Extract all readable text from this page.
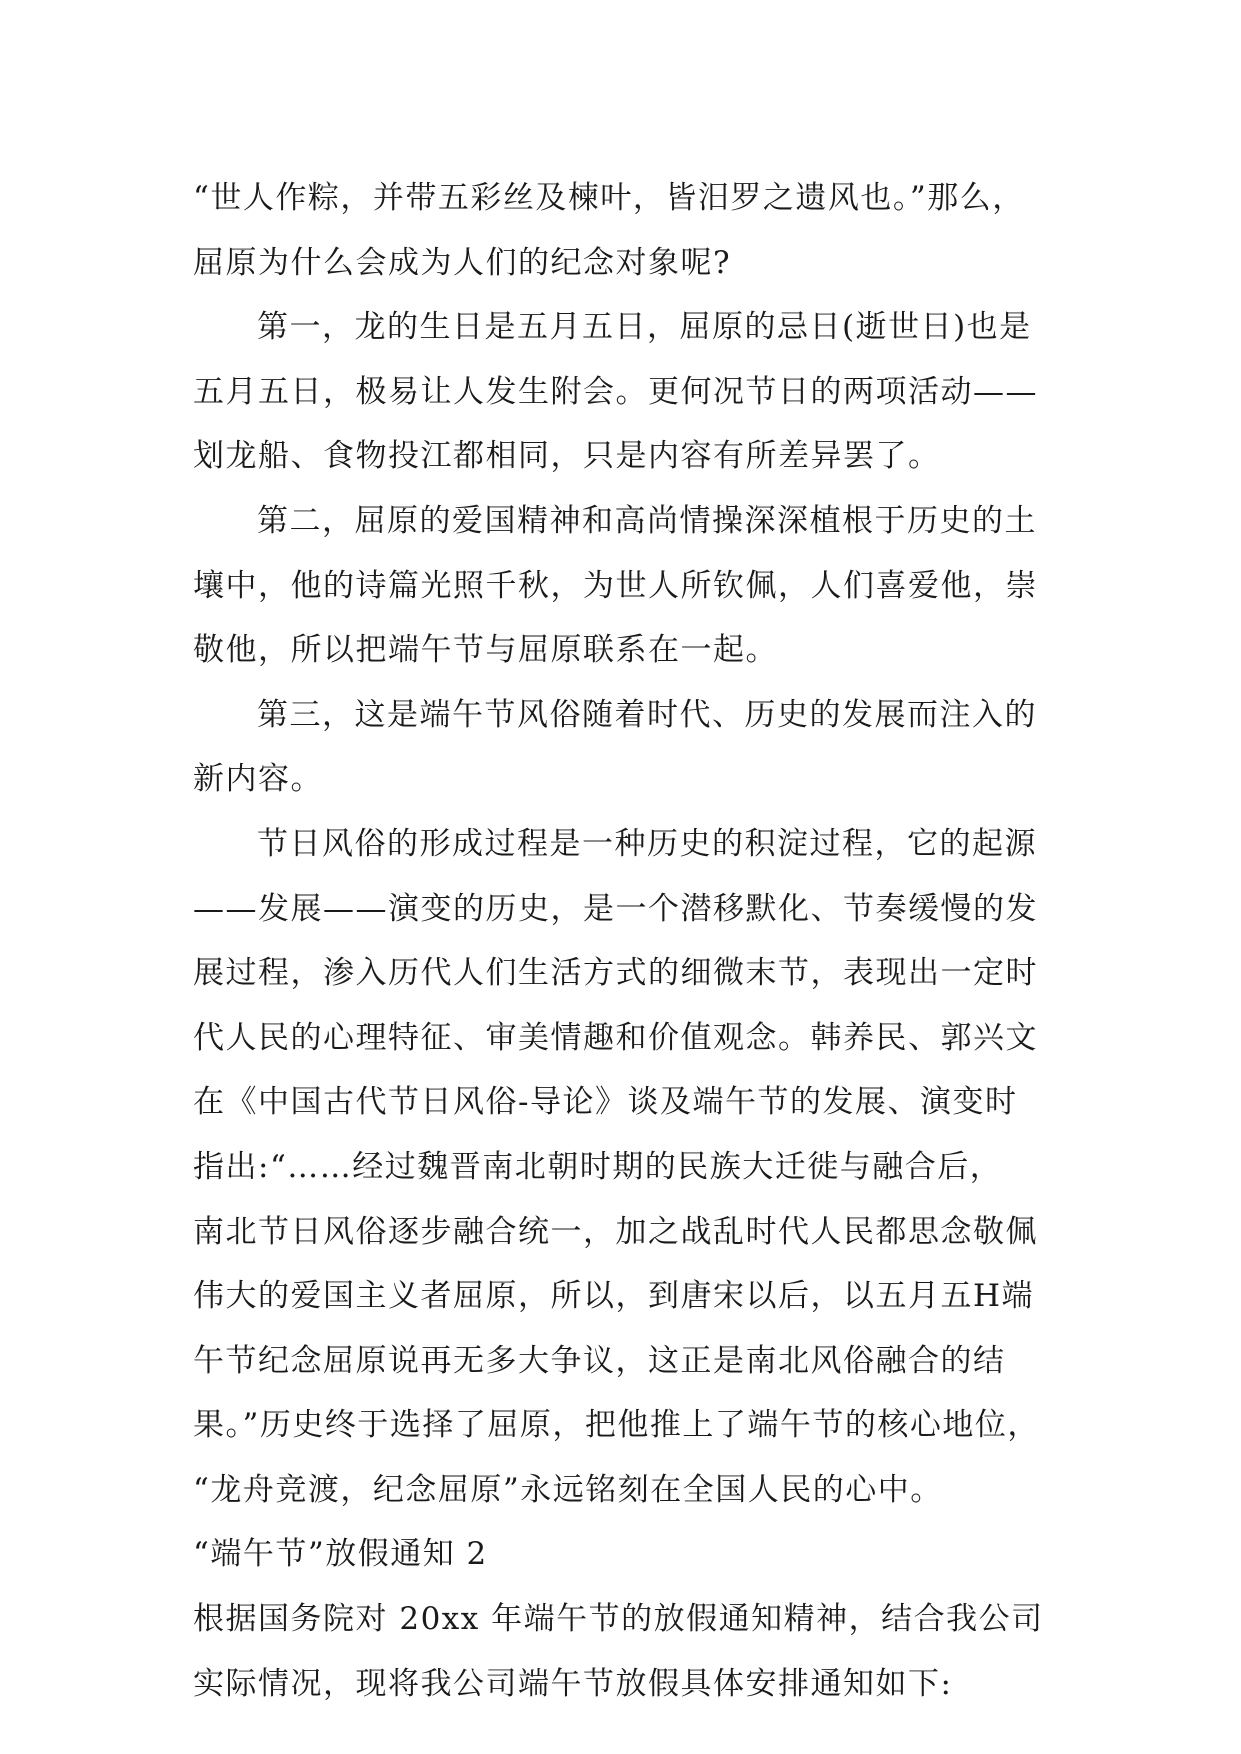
“世人作粽，并带五彩丝及楝叶，皆汨罗之遗风也。”那么，
屈原为什么会成为人们的纪念对象呢?

第一，龙的生日是五月五日，屈原的忌日(逝世日)也是
五月五日，极易让人发生附会。更何况节日的两项活动——
划龙船、食物投江都相同，只是内容有所差异罢了。

第二，屈原的爱国精神和高尚情操深深植根于历史的土
壤中，他的诗篇光照千秋，为世人所钦佩，人们喜爱他，崇
敬他，所以把端午节与屈原联系在一起。

第三，这是端午节风俗随着时代、历史的发展而注入的
新内容。

节日风俗的形成过程是一种历史的积淀过程，它的起源
——发展——演变的历史，是一个潜移默化、节奏缓慢的发
展过程，渗入历代人们生活方式的细微末节，表现出一定时
代人民的心理特征、审美情趣和价值观念。韩养民、郭兴文
在《中国古代节日风俗-导论》谈及端午节的发展、演变时
指出:“……经过魏晋南北朝时期的民族大迁徙与融合后，
南北节日风俗逐步融合统一，加之战乱时代人民都思念敬佩
伟大的爱国主义者屈原，所以，到唐宋以后，以五月五H端
午节纪念屈原说再无多大争议，这正是南北风俗融合的结
果。”历史终于选择了屈原，把他推上了端午节的核心地位，
“龙舟竞渡，纪念屈原”永远铭刻在全国人民的心中。

“端午节”放假通知 2

根据国务院对 20xx 年端午节的放假通知精神，结合我公司
实际情况，现将我公司端午节放假具体安排通知如下:
